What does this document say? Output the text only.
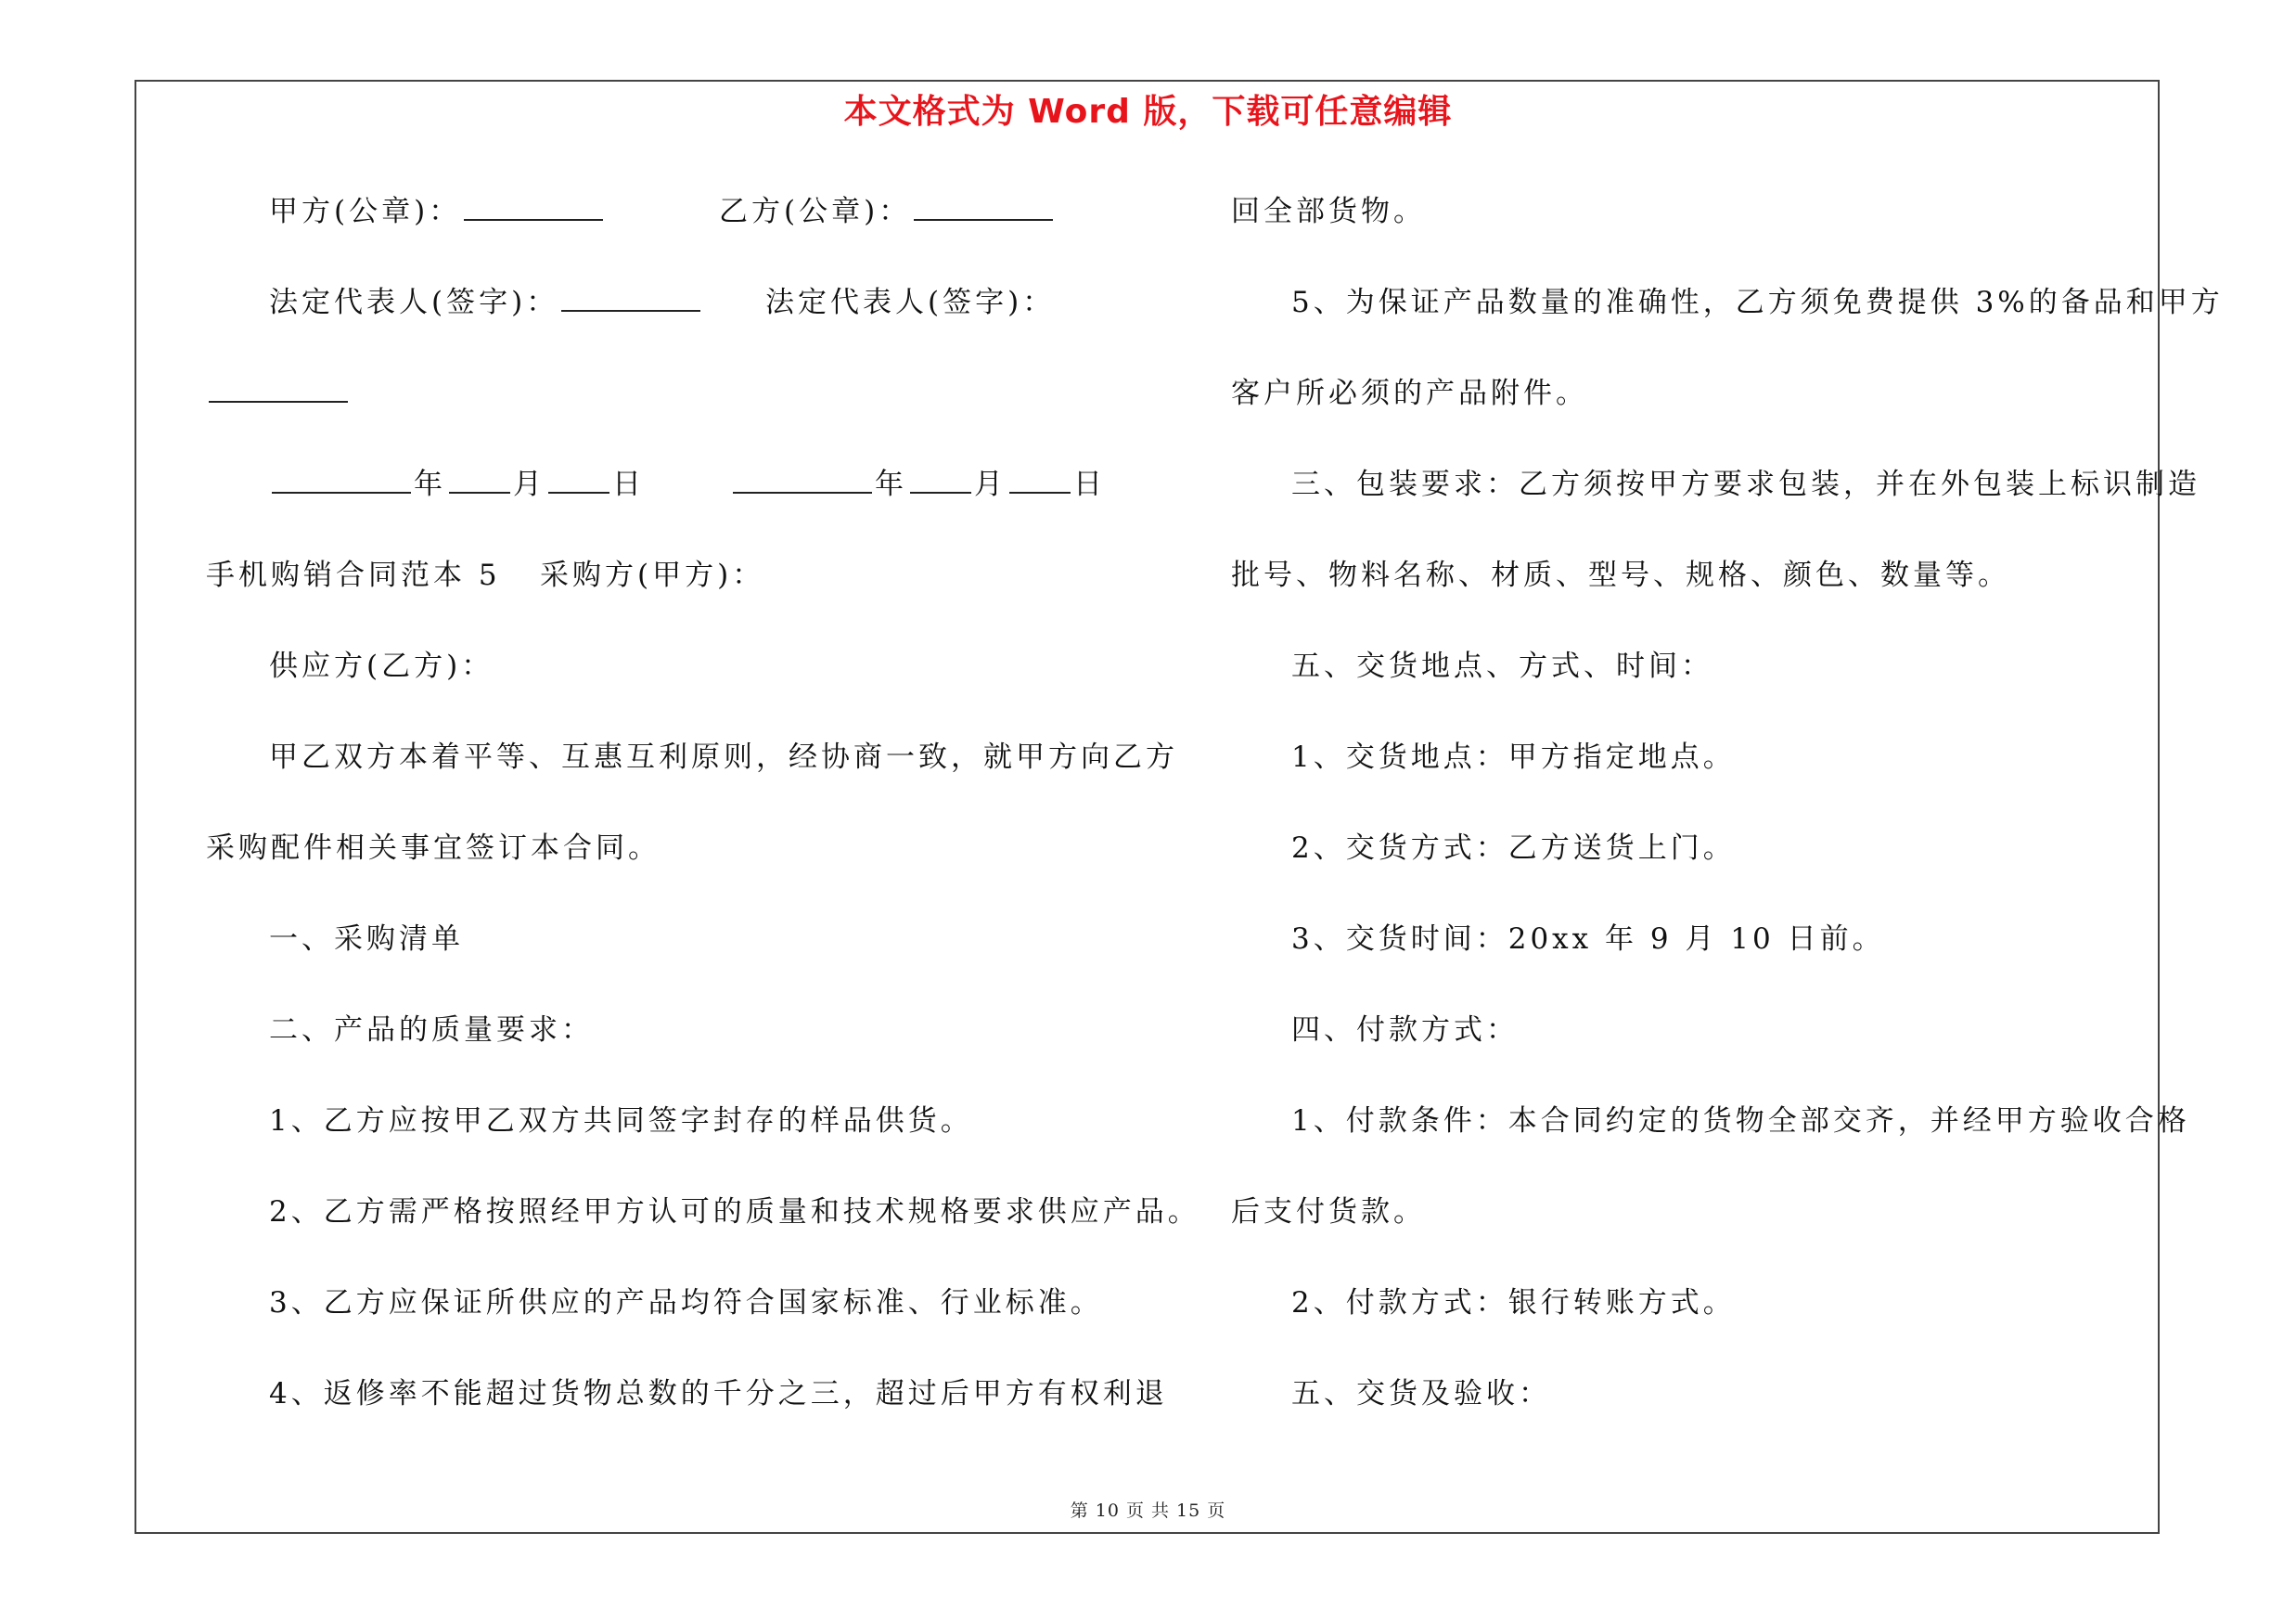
本文格式为 Word 版，下载可任意编辑
甲方(公章)：	乙方(公章)：
法定代表人(签字)：	法定代表人(签字)：
年 月 日	年 月 日
手机购销合同范本 5 采购方(甲方)：
供应方(乙方)：
甲乙双方本着平等、互惠互利原则，经协商一致，就甲方向乙方
采购配件相关事宜签订本合同。
一、采购清单
二、产品的质量要求：
1、乙方应按甲乙双方共同签字封存的样品供货。
2、乙方需严格按照经甲方认可的质量和技术规格要求供应产品。
3、乙方应保证所供应的产品均符合国家标准、行业标准。
4、返修率不能超过货物总数的千分之三，超过后甲方有权利退
回全部货物。
5、为保证产品数量的准确性，乙方须免费提供 3%的备品和甲方
客户所必须的产品附件。
三、包装要求：乙方须按甲方要求包装，并在外包装上标识制造
批号、物料名称、材质、型号、规格、颜色、数量等。
五、交货地点、方式、时间：
1、交货地点：甲方指定地点。
2、交货方式：乙方送货上门。
3、交货时间：20xx 年 9 月 10 日前。
四、付款方式：
1、付款条件：本合同约定的货物全部交齐，并经甲方验收合格
后支付货款。
2、付款方式：银行转账方式。
五、交货及验收：
第 10 页 共 15 页
